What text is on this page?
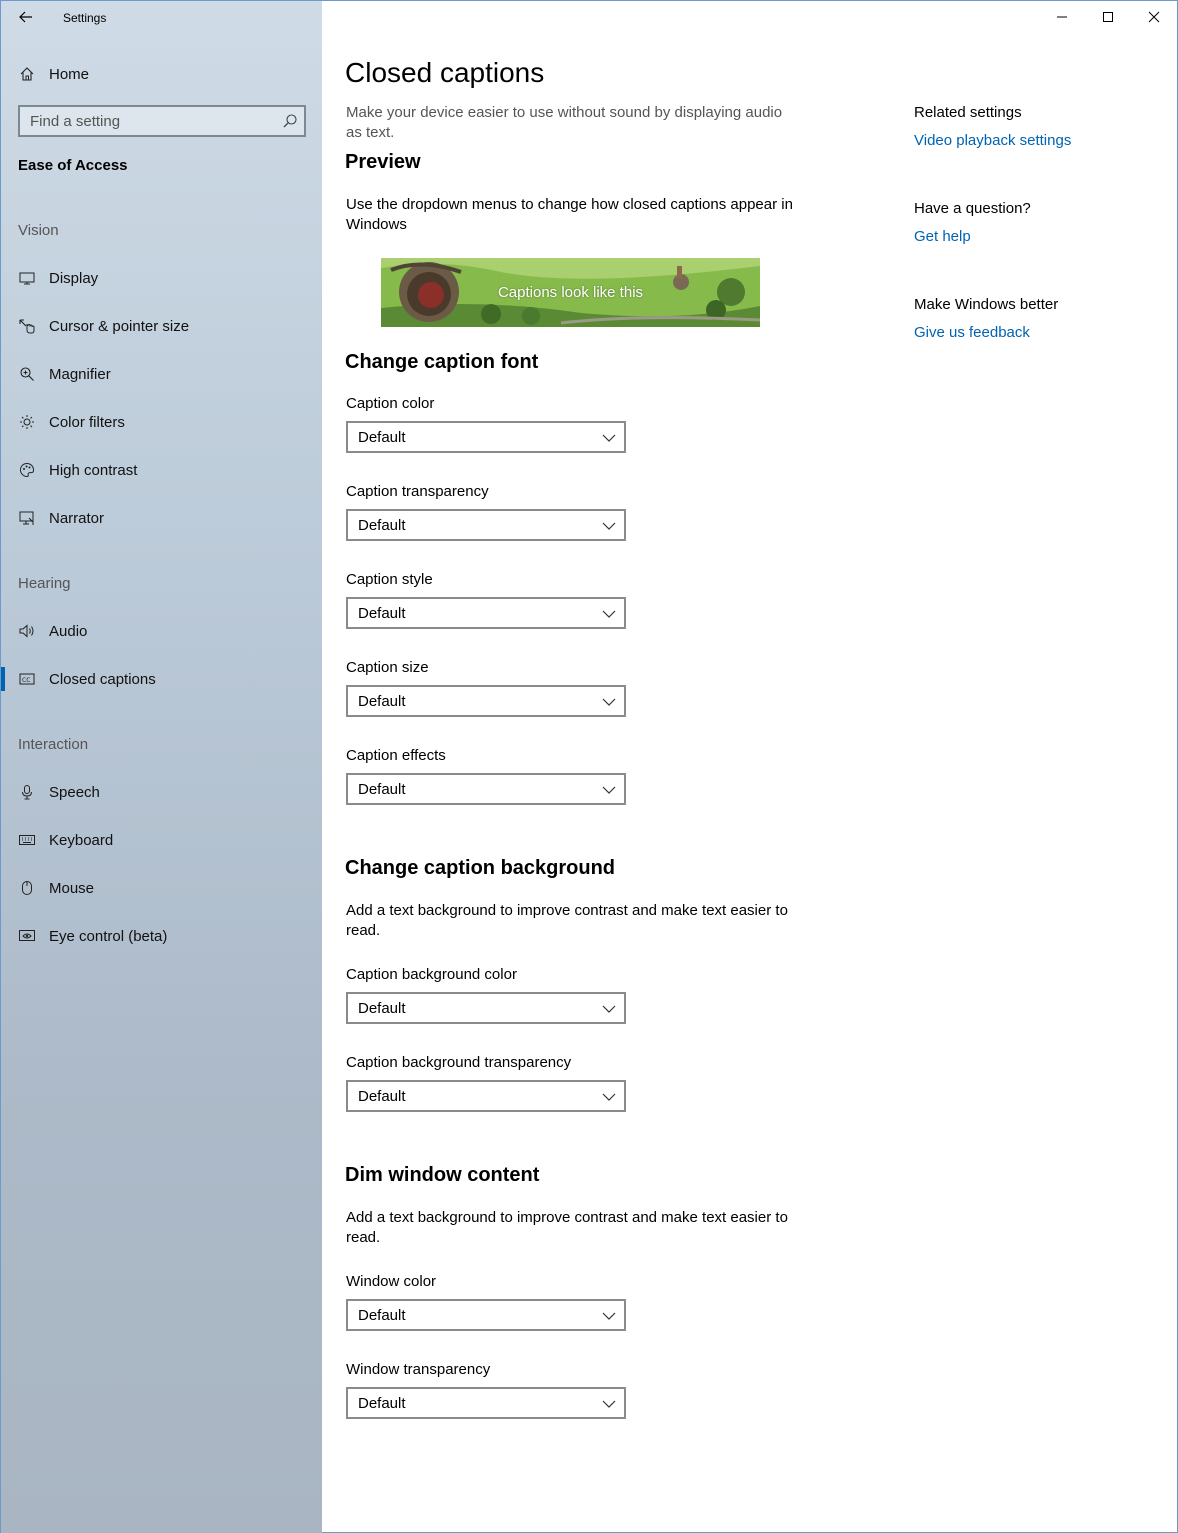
Settings
Home
Find a setting
Ease of Access
Vision
Display
Cursor & pointer size
Magnifier
Color filters
High contrast
Narrator
Hearing
Audio
CC Closed captions
Interaction
Speech
Keyboard
Mouse
Eye control (beta)
Closed captions

Make your device easier to use without sound by displaying audio as text.

Preview

Use the dropdown menus to change how closed captions appear in Windows

Captions look like this
Change caption font
Caption color
Default
Caption transparency
Default
Caption style
Default
Caption size
Default
Caption effects
Default
Change caption background

Add a text background to improve contrast and make text easier to read.

Caption background color
Default
Caption background transparency
Default
Dim window content

Add a text background to improve contrast and make text easier to read.

Window color
Default
Window transparency
Default
Related settings
Video playback settings
Have a question?
Get help
Make Windows better
Give us feedback
